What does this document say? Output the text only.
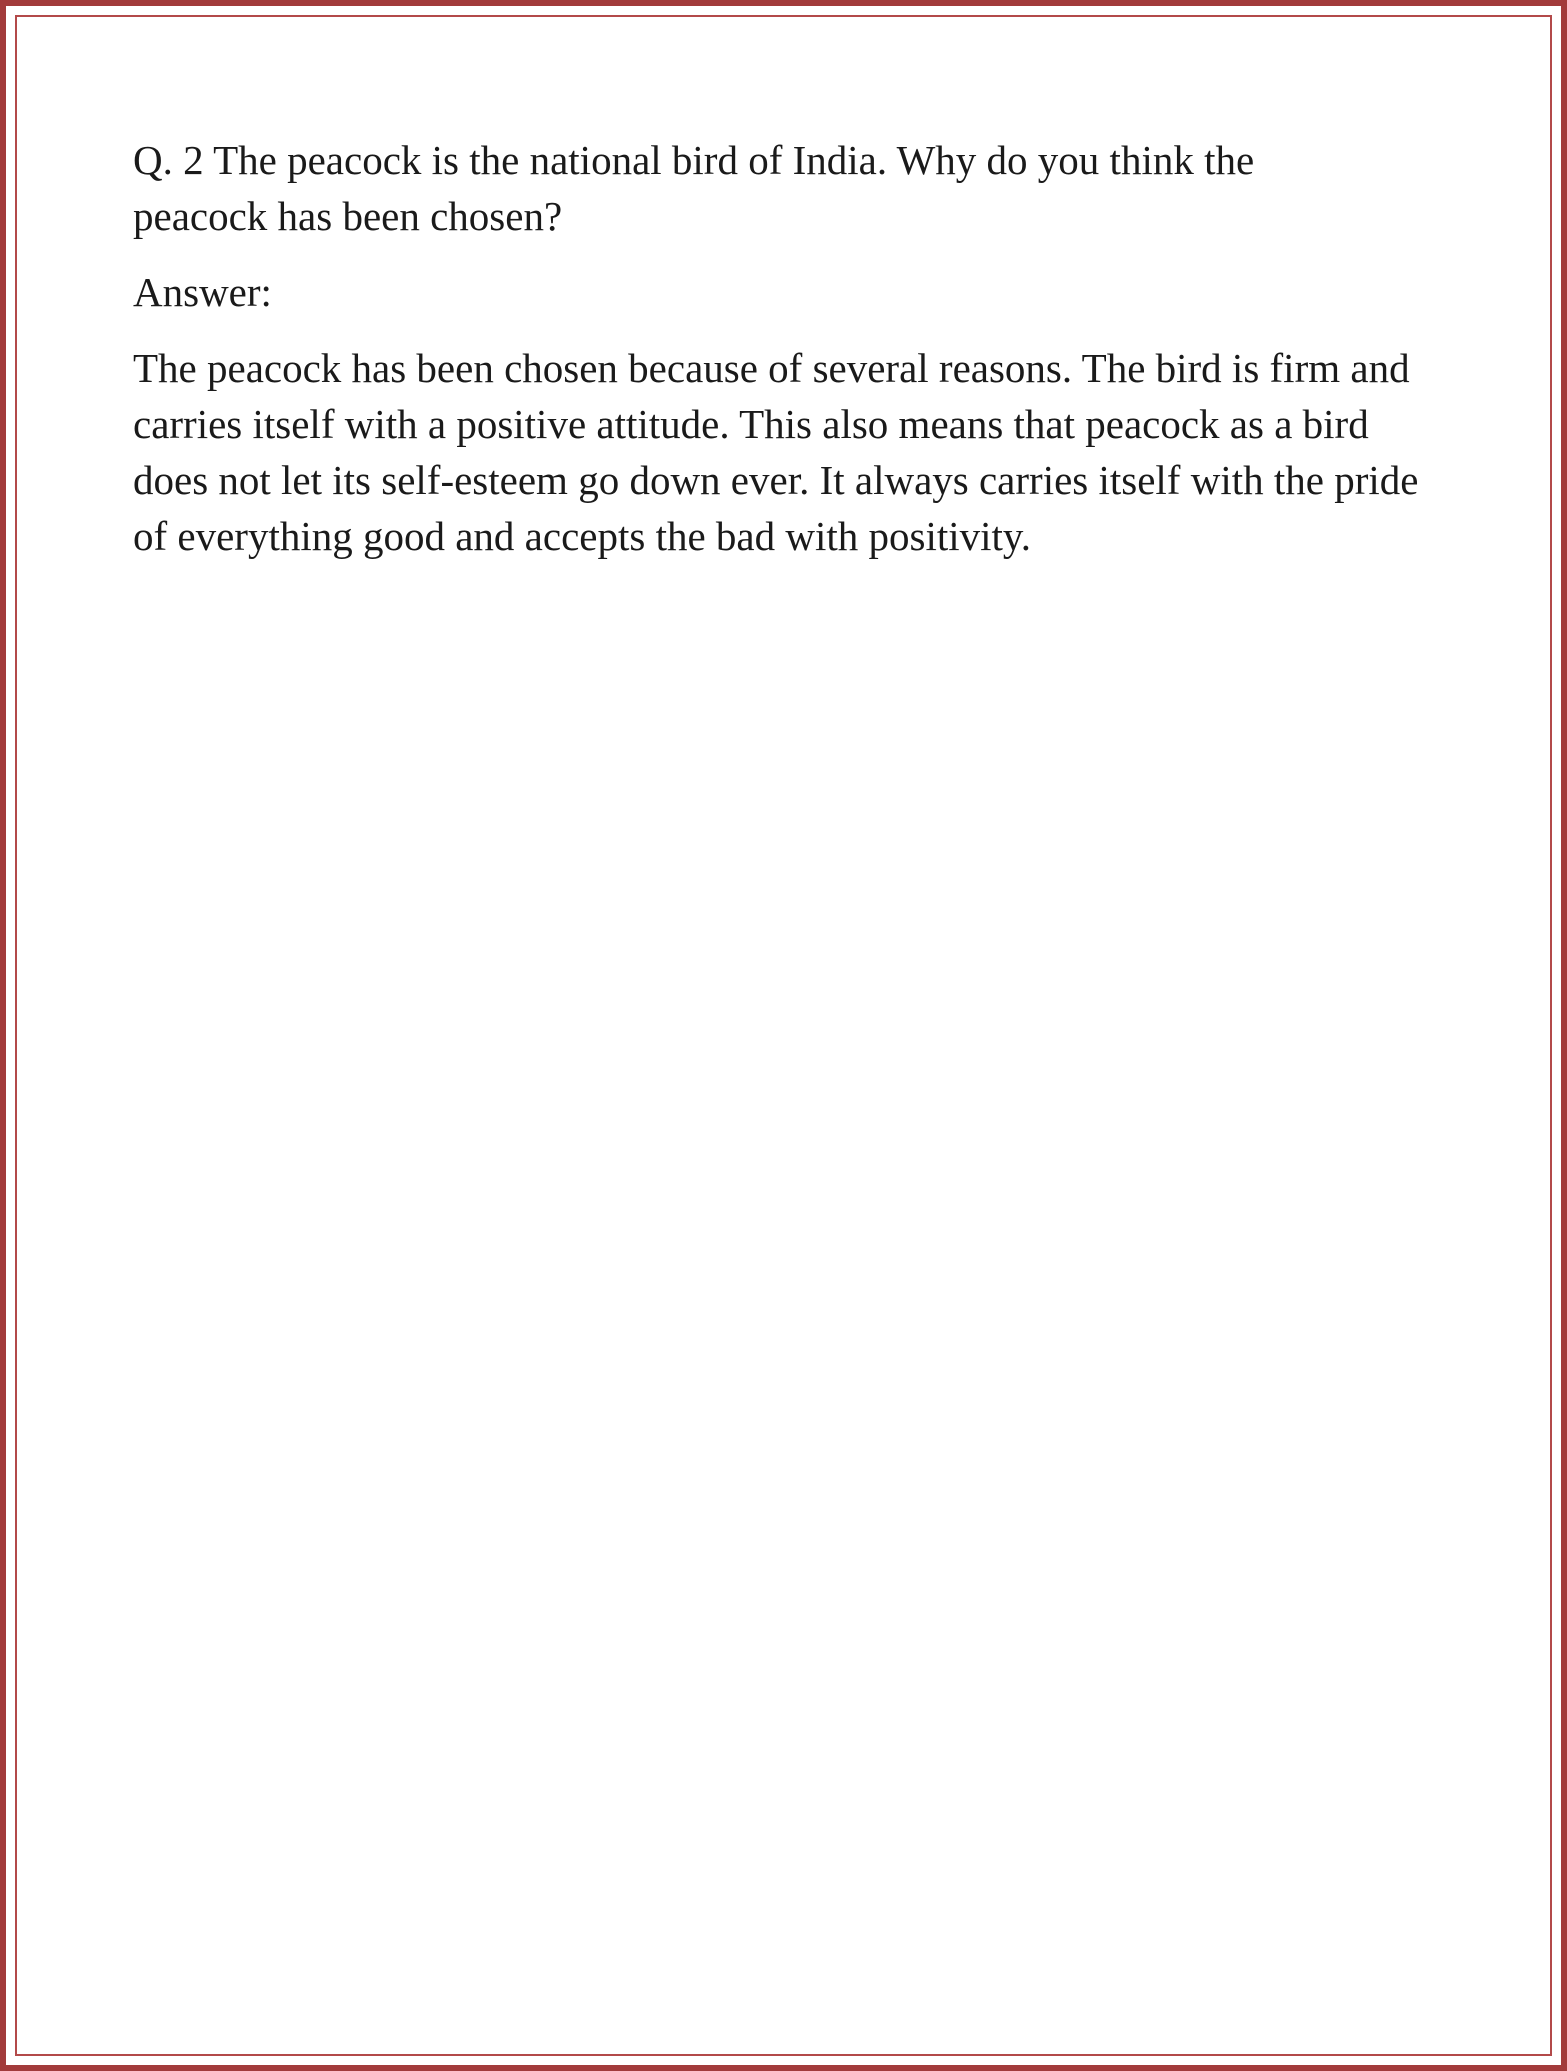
Q. 2 The peacock is the national bird of India. Why do you think the peacock has been chosen?

Answer:

The peacock has been chosen because of several reasons. The bird is firm and carries itself with a positive attitude. This also means that peacock as a bird does not let its self-esteem go down ever. It always carries itself with the pride of everything good and accepts the bad with positivity.
